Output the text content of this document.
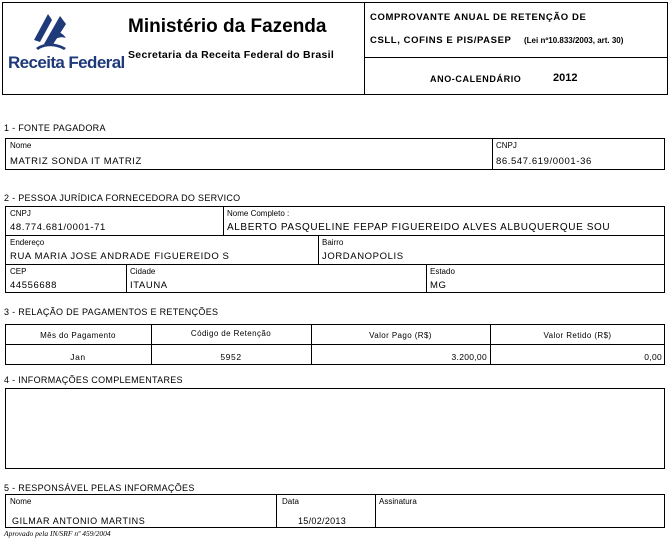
Receita Federal
Ministério da Fazenda
Secretaria da Receita Federal do Brasil
COMPROVANTE ANUAL DE RETENÇÃO DE
CSLL, COFINS E PIS/PASEP (Lei nº10.833/2003, art. 30)
ANO-CALENDÁRIO	2012
1 - FONTE PAGADORA
Nome
MATRIZ SONDA IT MATRIZ
CNPJ
86.547.619/0001-36
2 - PESSOA JURÍDICA FORNECEDORA DO SERVICO
CNPJ
48.774.681/0001-71
Nome Completo :
ALBERTO PASQUELINE FEPAP FIGUEREIDO ALVES ALBUQUERQUE SOU
Endereço
RUA MARIA JOSE ANDRADE FIGUEREIDO S
Bairro
JORDANOPOLIS
CEP
44556688
Cidade
ITAUNA
Estado
MG
3 - RELAÇÃO DE PAGAMENTOS E RETENÇÕES
Mês do Pagamento	Código de Retenção	Valor Pago (R$)	Valor Retido (R$)
Jan	5952	3.200,00	0,00
4 - INFORMAÇÕES COMPLEMENTARES
5 - RESPONSÁVEL PELAS INFORMAÇÕES
Nome
GILMAR ANTONIO MARTINS
Data
15/02/2013
Assinatura
Aprovado pela IN/SRF nº 459/2004
